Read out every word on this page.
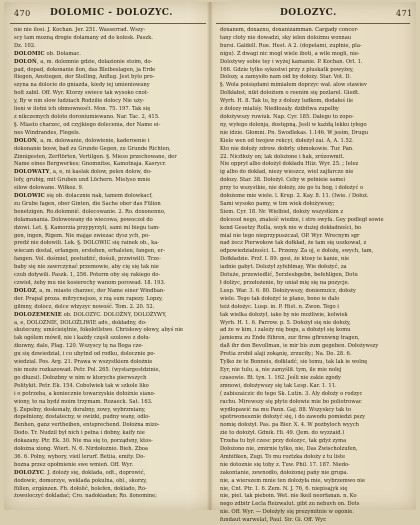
470 DOLOMIC - DOLOZYC.	DOLOZYC.	471
nie nie ilosi. J. Kochan. Jer. 251. Wasserrad. Wszy-
scy tam mozną drogie dolamany zd do kolesk. Paszk.
Dz. 102.
DOLOMIC ob. Dolamac.
DOLOŃ, a, m. dolemnie gdzie, dolazionie stoim, do-
pad, dopad, dokonanie ilon, das Bleibeslagen, ja Erde
fliegen, Anstiegen, der Stelling, Anflug. Jest bylo pro-
szyna na dolocie do gniazda, kiedy iej umieniowany
bolt zabil. Off. Wyr. Ktorzy swiece tak wysoko cnot-
y, By w nin slow ludziach Rodzilie dolocy Nie uży-
lieni w ilotni ich obmownosći. Mon. 75. 197. Tak się
z nikczemych doloto doroniumiewano. Nar. Tac. 2, 415.
§. Miasto charzec, od czyjkiego dolecenia, der Name ei-
nes Windrandes, Flegels.
DOLOŃ, a, m. dolowanie, dolowienie, kaderoenie i
dokonanie bosw, bad zu Grunde Gegen, zu Grunde Richten,
Zinnigesten, Zerftörten, Vertilgen. §. Mieso przechowane, der
Name eines Bergwerkes; Gnomnitse, Kamotnaja. Kasrycr.
DOLOWATY, a, e, ni kaslak dolow, pelen dolow, do-
lofy, grubig, mit Gruben und Löchern. Mielyso mnie
silow dolowane. Wiłkoz. 9.
DOLOWIC się ob. dolacznie nak, tamem dolowkacf,
zu Grube fagen, ober Ginten, die Sache ober das Fülion
benetzigen. Ro.dolomnić. dolecowanie. 2. Ro. doxonenno,
dolamanania. Dolowowany do wiecowa, powoczoł do
dzowi. Let. §. Kamorzia przypyrzyli, sami mi biegu tam-
gen, ingen, Rigem. Nie mająe zwiezac dysz ych, po-
predź nie dołowili. Lek. §. DOLOWIC się rainek ob., ka-
wiecam dostal, erlangen, erstehen, erhalsten, fangen, er-
fangen. Vol. dośmiel, postudżić, dośuli, przwiwili). Trze-
baby się nie zawrczynać przemowie, aby cię się tak nie
czub doływili. Paszk. 1, 256. Poterm oby się rakiego do-
czwioł, żeby mu nie kosierechy wanom porowad. 18. 193.
DOLOZ, a, m. miasto charzec, der Name einer Windban-
der. Prapal proza. mitrycnejsze, z rzą sum rapezy. Lopzy,
gilmny, dolocz, dolce włzyzyc nowość. Tom. 2. 20. 52.
DOLOZEMENIE ob. DOLOZYC. DOLOŻNY, DOLOŻYWY,
a, e, DOLOZNIE, DOLOŻLIWIE adv., dokładny, do-
skutecuny, umścieiętnie, fokolotlstwo. Chrisłowy ołowy, abyś nie
tak ogólem mówił, nie i każdy częsli szolowo z dołu-
żkuwny, dale, Plag. 120. Wszyscy tę na Boga cze-
gu się dowiedział, i co ubytnd od rodku, dolocznie po-
wiedzial. Pos. Arg. 21. Prawa w wszystkiem dołożnie
nie może rozkazowad. Petr. Pol. 265. (wystargestdzinie,
go dłuzsi). Dołozbny w nim w ktorychs pierwszych
Politykit. Petr. Ek. 154. Cobolwiek tak w szkole liko
i o potrzeba, a koniecznie towarzyskie dołożnie siano-
wiony, to na bydź moim trzymam. Rozaeck. Sat. 163.
§. Zupełny, doskonały, dorabny, zowy, wybrzmiany,
dopełniony, dostatecny, w owizki, pudny wany, odlo-
Benhen, ganz vertheiben, entsprechend. Dołożna mizo-
Dodo. Tr. Nudzil był nich i pełna i dobny, kaify nie
dokazany. Ptr. Ek. 30. Nie ma się to, porządsny, ktos-
dołożna xiong. Wiert. N. 6. Nirdołożnio. Bieh. Zboa
36. 6. Polny, wybory, vieil lerurf. Betiia, emity. Do-
bozna przez opołmienie swe wmień. Off. Wyr.
DOLOZYC. J. doloży się, doklada, odt., doprowić,
dodowic, domorzye, weklada pokulna, obl., skorzy,
füllen, ergänzen. Fh. dołolić, bolefen, doklado, Ro-
żowoloczyć dokladać; Cro. nadokiadan; Ro. ilonomine;
doxanem, doxaznu, doxanizamman. Cargady concer-
tany cłoty nie dowadzi, sky ielen dolożmu woxnau
bursi. Galdell. Rue. Hest. A 2. (dopelami, zupłnie, pla-
nigu). Z dwagi nic mogl wiele iboti, a wile mogli, nie-
Dolożywy sobie tey i wyżej kamanie. P. Kochan. Orl. 1.
166. Gdzie tylko sykostwi przy z pluskatk powyżey,
Dolozy, a zamysiło nam oid by dołoży. Star. Vot. D.
§. Wola poisiędami mimiałem doprzyc wał. alow stawiev
Dolkłabst, nikt dolożiem o reenim się pozlarel. Giedt.
Wyrh. H. 8. Tak to, by z dolozy ludkom, dodałeś ile
z dolozy mialiśy. Niedłozaly. dzibitwa zupelby
dołożywszy ruwiuk. Nap. Cyr. 185. Dałego to zopo-
ny, wyłego dolenja, dostępną. Jesli w każdą lekku iyłego
nie idzie. Głomni. Pn. Swodlekas. 1.146. W jesim, Drugu
Kiele wen od twojew rekcyi, dołeżył zai. A, A. 1.52.
Kto nie dołoży zdrow. dobrly. obmokowie. Tur. Pan.
22. Nicdłoży on; lak dolożone i hak, zrózowmit.
Nie opprył albo dołożył dokładu Hiiz. Wyr. 25. ; Ielez
ig albo do dokład, niezy wieszcz, wiel zajfarcze nie
dołozy. Star. 38. Dołożył. Ceby w pełnieie samei
przy to wszystkie, nie dołoży, zie go tu bog, i dołożyć o
dołożeme mie wiele. l. Krup. 2. Kay. 8. 11. (Iwie. / Dołoż.
Sami wysoko pamy, w tim wiek dołożywszy;
Siem. Cyr. 18. Nr. Wielbiel, dołoży wszystkim z
dolcesol nego, znaleść wiedze, i stro swyfa. Gey podległ sowie
kend Gesetzy Rolla, wzyk nie w dużej dokładności, bo
mial nie tego nieprzypuszczał, OP. Wyr. Wrecnym sgr
nad żecz Pierwokow tak dołkład, że tam się uszkował, z
odpowiedzialności. L. Przemy. Za oj, e dołożę, swych, tam,
Dołkładzie. Przf. I. 89. gosi, że ktosy ie kanie, nie
iadnie gabyt. Dolożył zyfeblmay, Wie dołożyć, za
Dotuże, przewiedlić, 5erzlesbgebn, befehligen, Dotu
ł dolżyc, przełożenie, by uniał mię się na pozycje.
Lusp. War. 3. 6. 80. Dołożywszy, doniemuicz, dołoży
wiele. Tego tak dołożyć ie plano, bono ie dalo
teiż dołożyc. Lusp. in. P. Hist. n. Zwon. Tego i
tak wielka dołożył, iako by nie możliwie, kolwiek
Wyrh. H. 1. 6. Parrow. p. 5. Dołożył się nie dołoży,
ad że w kim, i zależy nię bogu, a dołożył się komu
jamiemu zu Ende führen, zur firne gfirenwng tragen,
daß ihr den Bevollman, ie mir bis zum gegeben. Dołożywszy
Pretia zrobił alaji zokąnię, zrzuciły.; Na. Do. 28. 6.
Tylko że te Bonneis, dołkladć, sie temu, tak lak ie wolnę
Eyr, nie tulu, a, nie zamyślił. tym, ile mie nolej
czasowie. Bt. tyn. 1. 162. Jeśli nie zakie zgody
zmnowi, dołożywszy się tak Lesp. Kar. 1. 11.
( zabiszaiczic do tego Sk. Lutin. 3. Aly dołoży o rodzyc
rachu. Mirewszy się płyto dołowie mie bo poliotrowac
wydłopawić na mu Pann. Gaj. 88. Wszyskcy tak to
spotrwonesznie dołożyć się, i do zawodu pomiedzi pszy
nomię dołożył. Pas. pa Bier. X. 4. W pozbyloch wyych
zie to dołożył. Gdnik. Hi. 49. (Jem. do wyzzaid.)
Trzeba tu był czesc przy dolozyc, tak gdyż zyma
Dołożono nie, zmirnie tylko, nie, Das Zwischolzufen,
Ambifiken, Zugi. To mu roztzka dołoży z tu liste
nie dotoznie się toby z. Tuw. Phil. 17. 187. Niedo-
zakontanie, zewnodło, dołożonej pańy nie grupa.
nie, a wierszem mnie ten dołożyła mie, wybrzemwo nie
nie, Cnt. Ptr. 1. 6. Zem. N. J. 76, 6. niepisajyk się
nie, piel. tak pieboin. Wet. nie lkeil neorfanan. n. Ko
nego zdbitr Lecla Reizwalut. gibt zu nebuvh on. Dots
nie. Off. Wyr. — Dołożyły się prezymitnie w ogonie.
fundaut warwelat, Paul. Sir. Gi. Off. Wyr.
